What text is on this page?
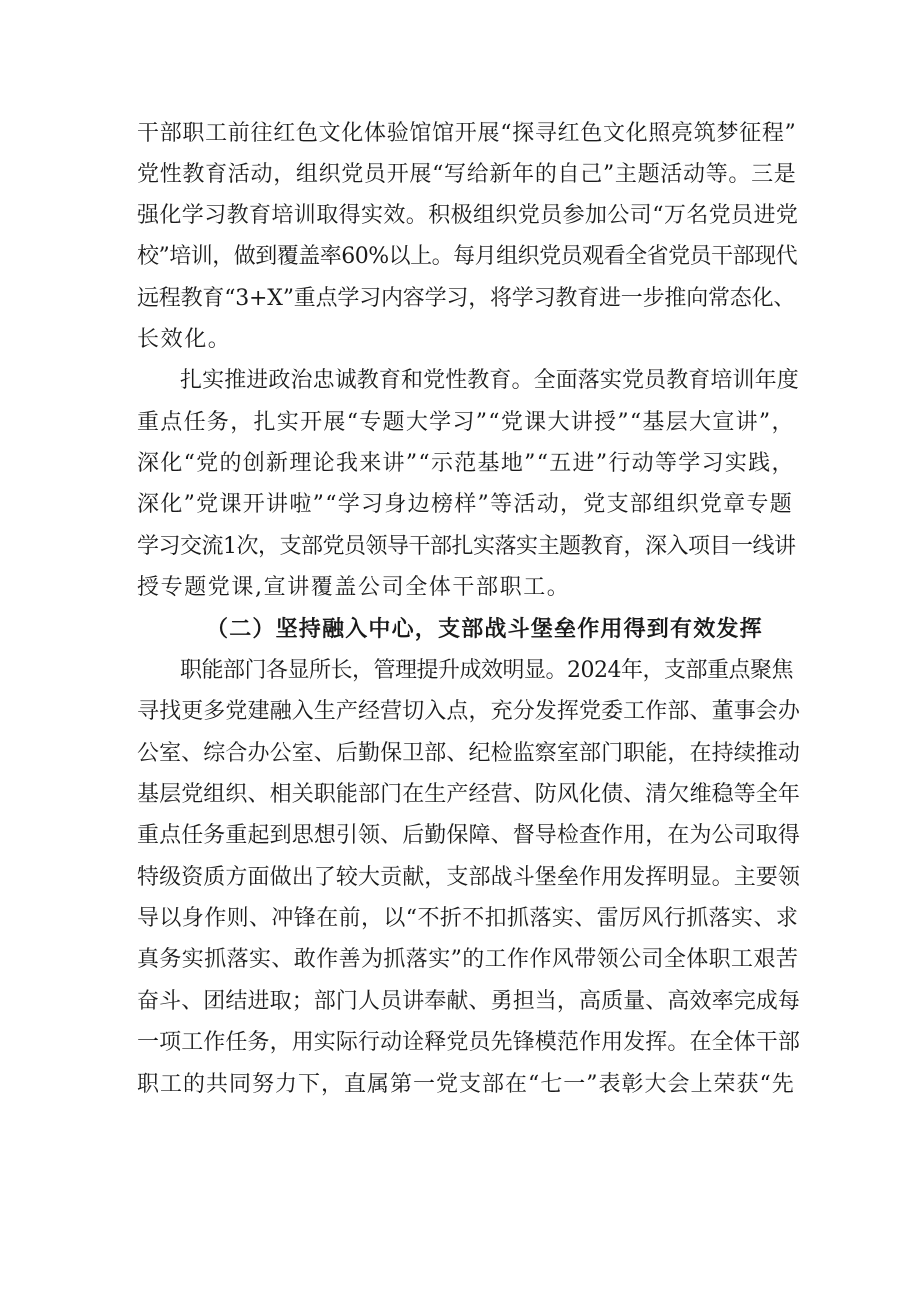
干部职工前往红色文化体验馆馆开展“探寻红色文化照亮筑梦征程”
党性教育活动，组织党员开展“写给新年的自己”主题活动等。三是
强化学习教育培训取得实效。积极组织党员参加公司“万名党员进党
校”培训，做到覆盖率60%以上。每月组织党员观看全省党员干部现代
远程教育“3+X”重点学习内容学习，将学习教育进一步推向常态化、
长效化。
扎实推进政治忠诚教育和党性教育。全面落实党员教育培训年度
重点任务，扎实开展“专题大学习”“党课大讲授”“基层大宣讲”，
深化“党的创新理论我来讲”“示范基地”“五进”行动等学习实践，
深化”党课开讲啦”“学习身边榜样”等活动，党支部组织党章专题
学习交流1次，支部党员领导干部扎实落实主题教育，深入项目一线讲
授专题党课,宣讲覆盖公司全体干部职工。
（二）坚持融入中心，支部战斗堡垒作用得到有效发挥
职能部门各显所长，管理提升成效明显。2024年，支部重点聚焦
寻找更多党建融入生产经营切入点，充分发挥党委工作部、董事会办
公室、综合办公室、后勤保卫部、纪检监察室部门职能，在持续推动
基层党组织、相关职能部门在生产经营、防风化债、清欠维稳等全年
重点任务重起到思想引领、后勤保障、督导检查作用，在为公司取得
特级资质方面做出了较大贡献，支部战斗堡垒作用发挥明显。主要领
导以身作则、冲锋在前，以“不折不扣抓落实、雷厉风行抓落实、求
真务实抓落实、敢作善为抓落实”的工作作风带领公司全体职工艰苦
奋斗、团结进取；部门人员讲奉献、勇担当，高质量、高效率完成每
一项工作任务，用实际行动诠释党员先锋模范作用发挥。在全体干部
职工的共同努力下，直属第一党支部在“七一”表彰大会上荣获“先
